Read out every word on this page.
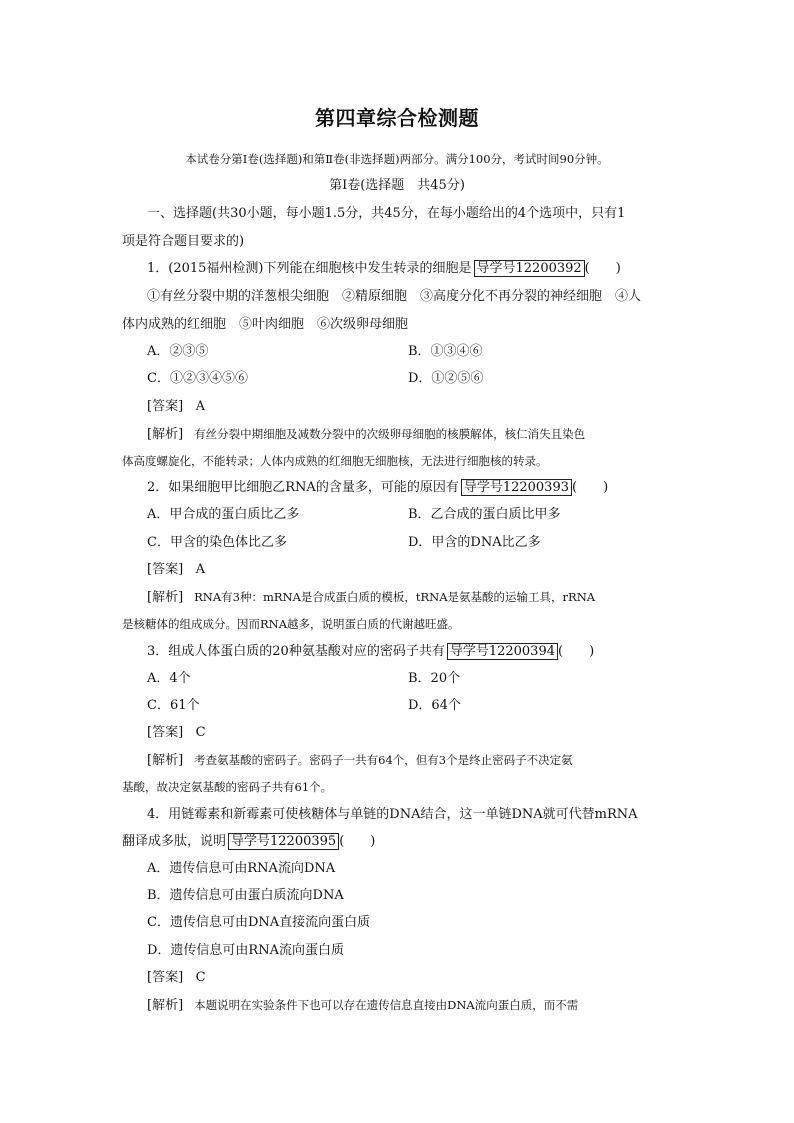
第四章综合检测题
本试卷分第Ⅰ卷(选择题)和第Ⅱ卷(非选择题)两部分。满分100分，考试时间90分钟。
第Ⅰ卷(选择题　共45分)
一、选择题(共30小题，每小题1.5分，共45分，在每小题给出的4个选项中，只有1
项是符合题目要求的)
1．(2015福州检测)下列能在细胞核中发生转录的细胞是 导学号12200392 (　　)
①有丝分裂中期的洋葱根尖细胞　②精原细胞　③高度分化不再分裂的神经细胞　④人
体内成熟的红细胞　⑤叶肉细胞　⑥次级卵母细胞
A．②③⑤	B．①③④⑥
C．①②③④⑤⑥	D．①②⑤⑥
[答案] A
[解析] 有丝分裂中期细胞及减数分裂中的次级卵母细胞的核膜解体，核仁消失且染色
体高度螺旋化，不能转录；人体内成熟的红细胞无细胞核，无法进行细胞核的转录。
2．如果细胞甲比细胞乙RNA的含量多，可能的原因有 导学号12200393 (　　)
A．甲合成的蛋白质比乙多	B．乙合成的蛋白质比甲多
C．甲含的染色体比乙多	D．甲含的DNA比乙多
[答案] A
[解析] RNA有3种：mRNA是合成蛋白质的模板，tRNA是氨基酸的运输工具，rRNA
是核糖体的组成成分。因而RNA越多，说明蛋白质的代谢越旺盛。
3．组成人体蛋白质的20种氨基酸对应的密码子共有 导学号12200394 (　　)
A．4个	B．20个
C．61个	D．64个
[答案] C
[解析] 考查氨基酸的密码子。密码子一共有64个，但有3个是终止密码子不决定氨
基酸，故决定氨基酸的密码子共有61个。
4．用链霉素和新霉素可使核糖体与单链的DNA结合，这一单链DNA就可代替mRNA
翻译成多肽，说明 导学号12200395 (　　)
A．遗传信息可由RNA流向DNA
B．遗传信息可由蛋白质流向DNA
C．遗传信息可由DNA直接流向蛋白质
D．遗传信息可由RNA流向蛋白质
[答案] C
[解析] 本题说明在实验条件下也可以存在遗传信息直接由DNA流向蛋白质，而不需
